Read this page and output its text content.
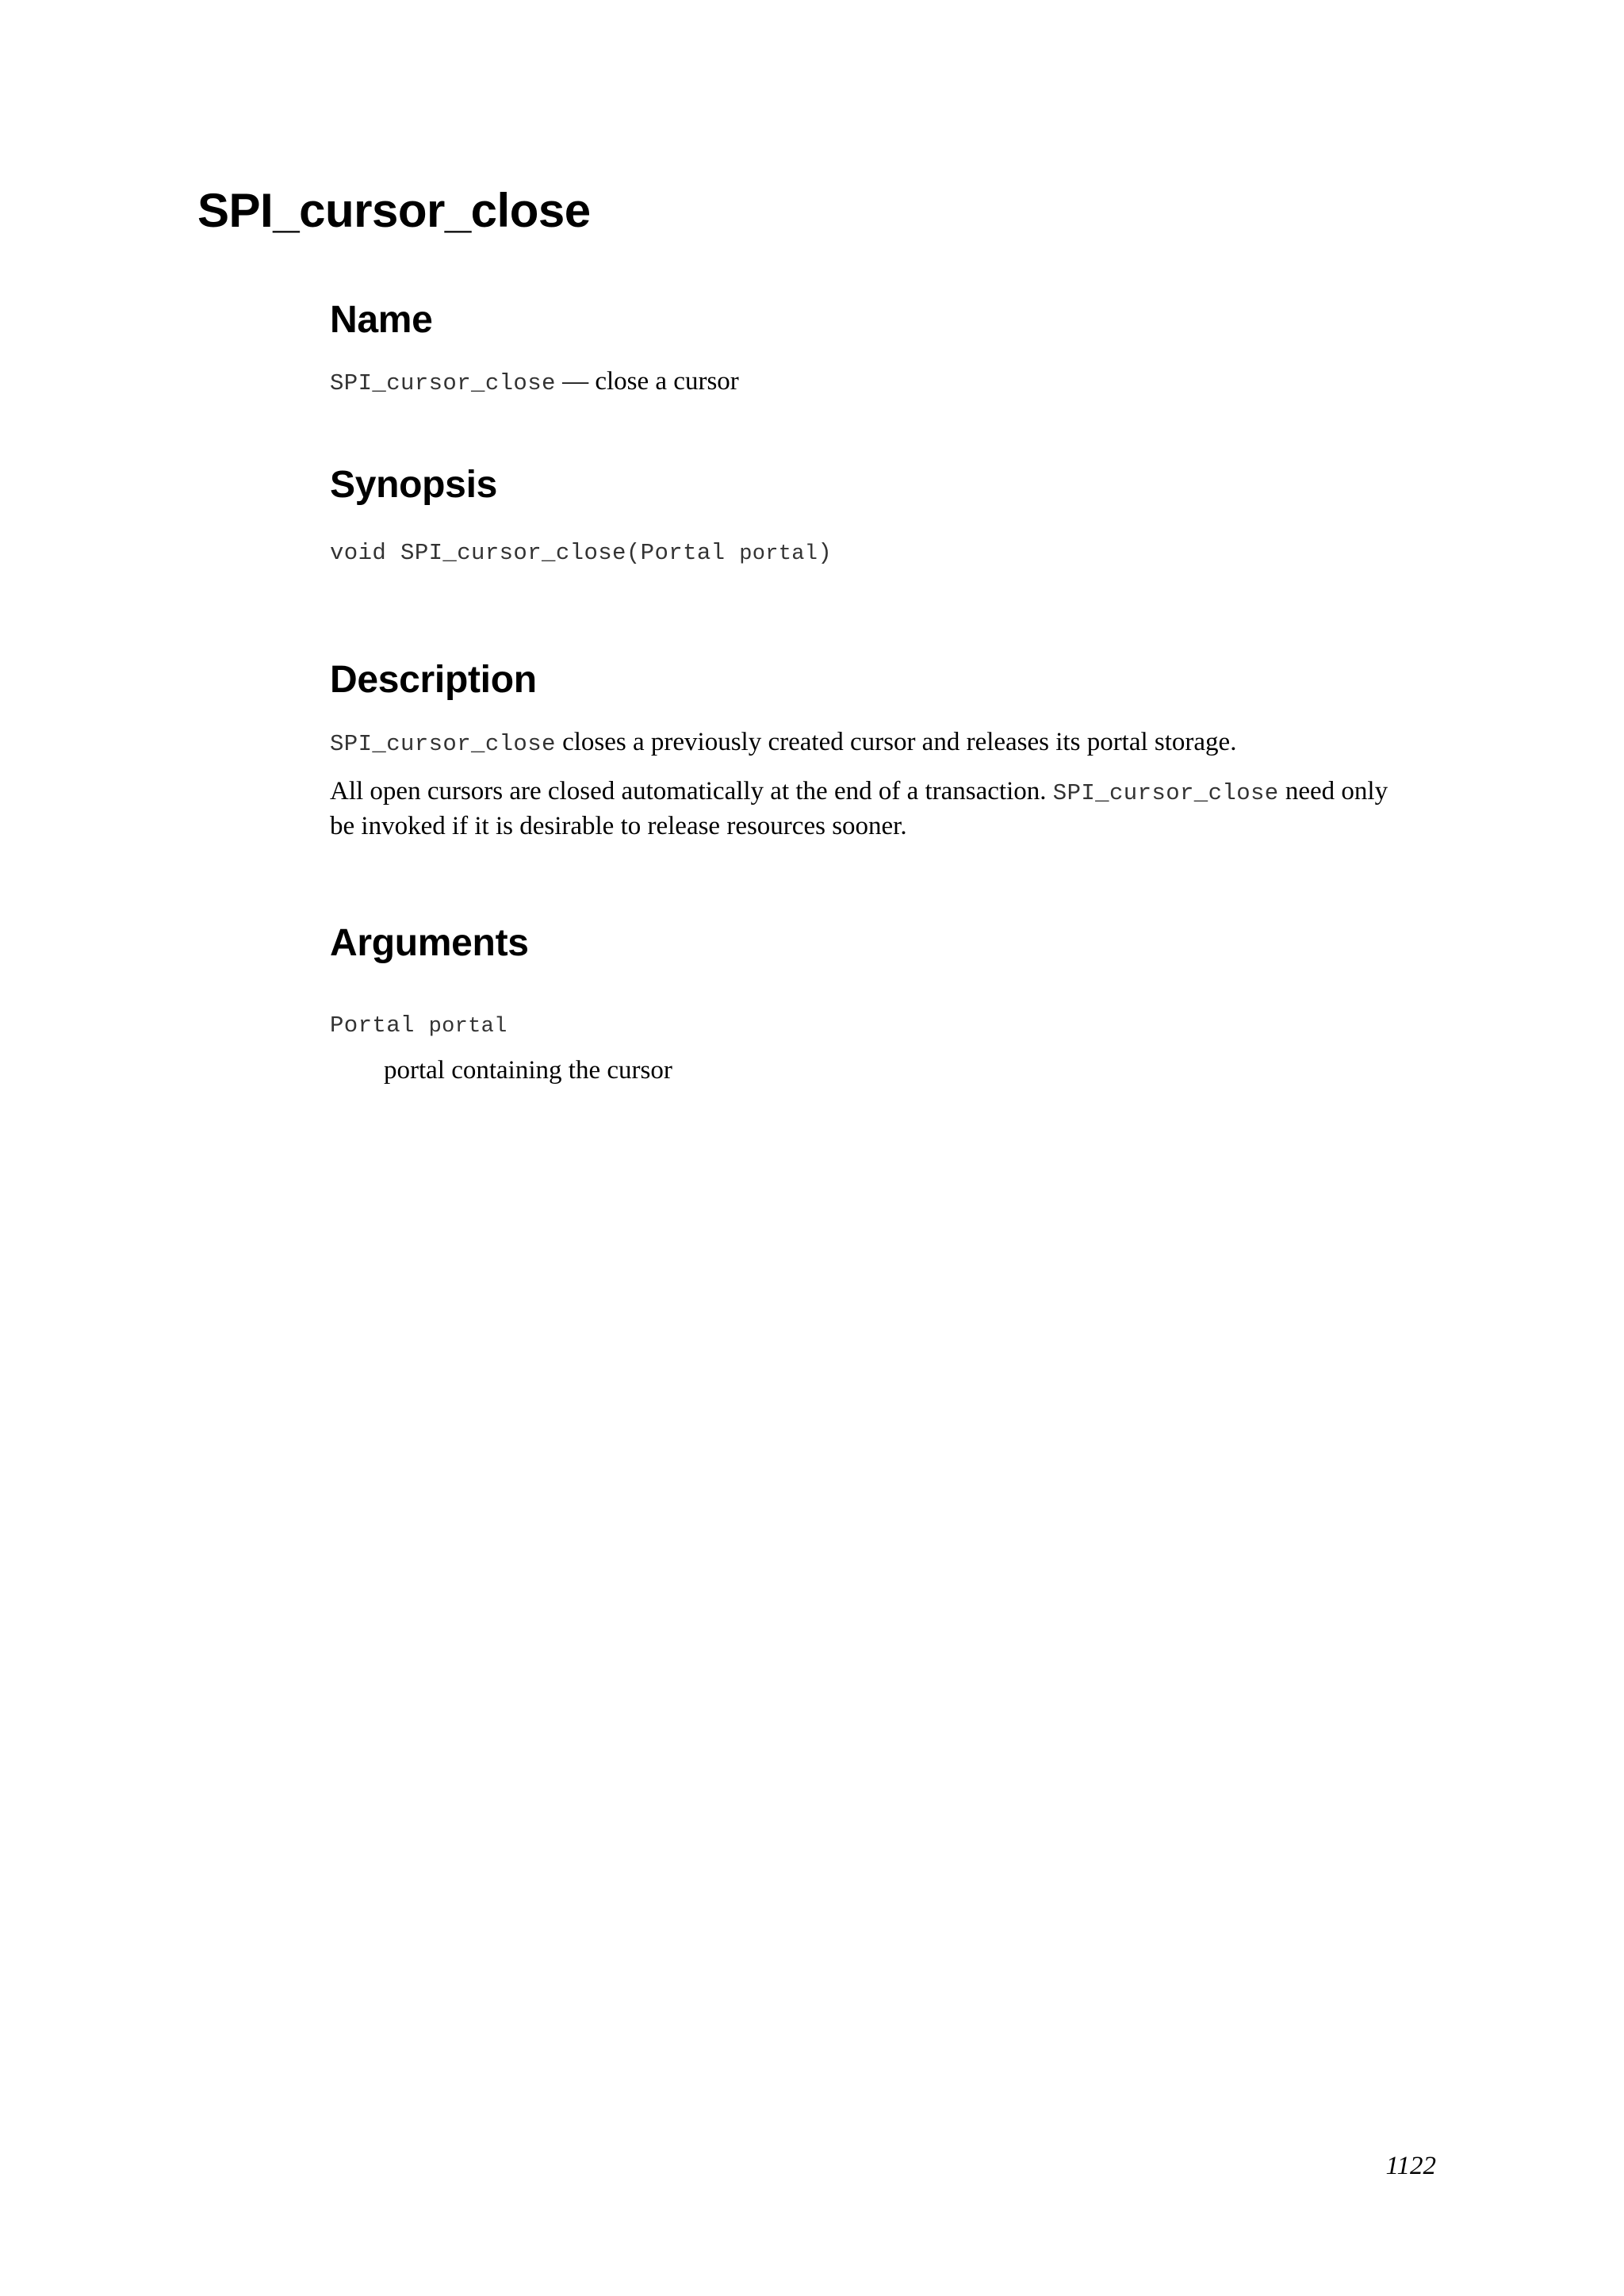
SPI_cursor_close
Name

SPI_cursor_close — close a cursor

Synopsis

void SPI_cursor_close(Portal portal)

Description

SPI_cursor_close closes a previously created cursor and releases its portal storage.

All open cursors are closed automatically at the end of a transaction. SPI_cursor_close need only

be invoked if it is desirable to release resources sooner.

Arguments

Portal portal

portal containing the cursor

1122
